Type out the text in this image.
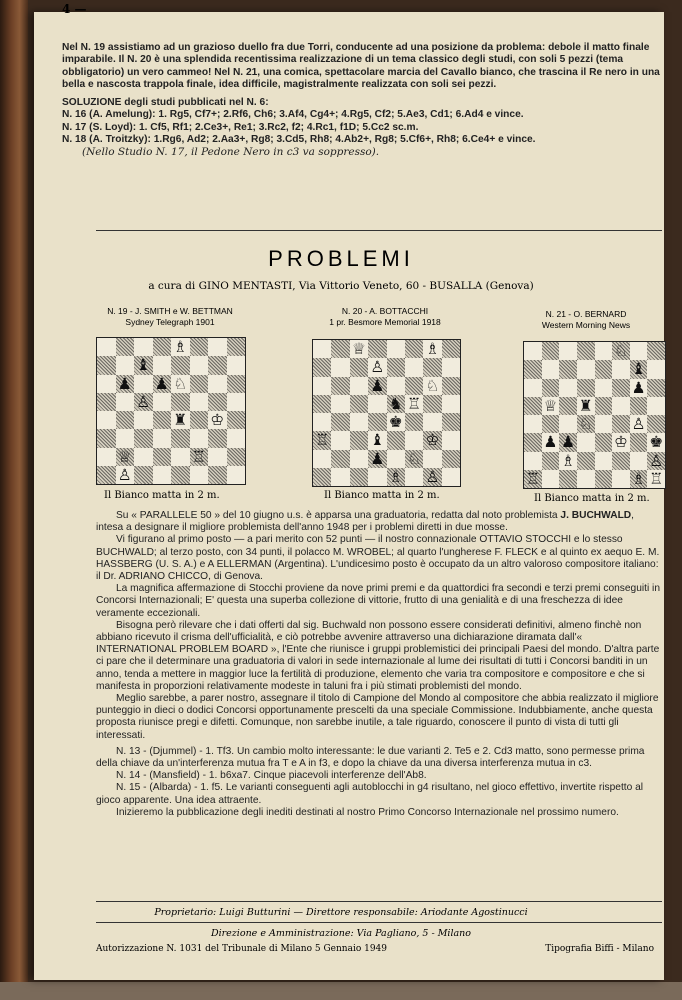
4 —

Nel N. 19 assistiamo ad un grazioso duello fra due Torri, conducente ad una posizione da problema: debole il matto finale imparabile. Il N. 20 è una splendida recentissima realizzazione di un tema classico degli studi, con soli 5 pezzi (tema obbligatorio) un vero cammeo! Nel N. 21, una comica, spettacolare marcia del Cavallo bianco, che trascina il Re nero in una bella e nascosta trappola finale, idea difficile, magistralmente realizzata con soli sei pezzi.

SOLUZIONE degli studi pubblicati nel N. 6:

N. 16 (A. Amelung): 1. Rg5, Cf7+; 2.Rf6, Ch6; 3.Af4, Cg4+; 4.Rg5, Cf2; 5.Ae3, Cd1; 6.Ad4 e vince.

N. 17 (S. Loyd): 1. Cf5, Rf1; 2.Ce3+, Re1; 3.Rc2, f2; 4.Rc1, f1D; 5.Cc2 sc.m.

N. 18 (A. Troitzky): 1.Rg6, Ad2; 2.Aa3+, Rg8; 3.Cd5, Rh8; 4.Ab2+, Rg8; 5.Cf6+, Rh8; 6.Ce4+ e vince.

(Nello Studio N. 17, il Pedone Nero in c3 va soppresso).

PROBLEMI
a cura di GINO MENTASTI, Via Vittorio Veneto, 60 - BUSALLA (Genova)
N. 19 - J. SMITH e W. BETTMAN
Sydney Telegraph 1901
N. 20 - A. BOTTACCHI
1 pr. Besmore Memorial 1918
N. 21 - O. BERNARD
Western Morning News
♗
♝
♟ ♟ ♘
♜ ♔
♙
♕	♖
♙
♕	♗
♙
♟
♞ ♖
♘
♚
♖	♝	♔
♟ ♘
♗ ♙
♘
♝
♟
♕ ♜
♘	♙
♟ ♟	♔ ♚
♗	♙
♖	♗ ♖
Il Bianco matta in 2 m.	Il Bianco matta in 2 m.	Il Bianco matta in 2 m.

Su « PARALLELE 50 » del 10 giugno u.s. è apparsa una graduatoria, redatta dal noto problemista J. BUCHWALD, intesa a designare il migliore problemista dell'anno 1948 per i problemi diretti in due mosse.

Vi figurano al primo posto — a pari merito con 52 punti — il nostro connazionale OTTAVIO STOCCHI e lo stesso BUCHWALD; al terzo posto, con 34 punti, il polacco M. WROBEL; al quarto l'ungherese F. FLECK e al quinto ex aequo E. M. HASSBERG (U. S. A.) e A ELLERMAN (Argentina). L'undicesimo posto è occupato da un altro valoroso compositore italiano: il Dr. ADRIANO CHICCO, di Genova.

La magnifica affermazione di Stocchi proviene da nove primi premi e da quattordici fra secondi e terzi premi conseguiti in Concorsi Internazionali; E' questa una superba collezione di vittorie, frutto di una genialità e di una freschezza di idee veramente eccezionali.

Bisogna però rilevare che i dati offerti dal sig. Buchwald non possono essere considerati definitivi, almeno finchè non abbiano ricevuto il crisma dell'ufficialità, e ciò potrebbe avvenire attraverso una dichiarazione diramata dall'« INTERNATIONAL PROBLEM BOARD », l'Ente che riunisce i gruppi problemistici dei principali Paesi del mondo. D'altra parte ci pare che il determinare una graduatoria di valori in sede internazionale al lume dei risultati di tutti i Concorsi banditi in un anno, tenda a mettere in maggior luce la fertilità di produzione, elemento che varia tra compositore e compositore e che si manifesta in proporzioni relativamente modeste in taluni fra i più stimati problemisti del mondo.

Meglio sarebbe, a parer nostro, assegnare il titolo di Campione del Mondo al compositore che abbia realizzato il migliore punteggio in dieci o dodici Concorsi opportunamente prescelti da una speciale Commissione. Indubbiamente, anche questa proposta riunisce pregi e difetti. Comunque, non sarebbe inutile, a tale riguardo, conoscere il punto di vista di tutti gli interessati.

N. 13 - (Djummel) - 1. Tf3. Un cambio molto interessante: le due varianti 2. Te5 e 2. Cd3 matto, sono permesse prima della chiave da un'interferenza mutua fra T e A in f3, e dopo la chiave da una diversa interferenza mutua in c3.

N. 14 - (Mansfield) - 1. b6xa7. Cinque piacevoli interferenze dell'Ab8.

N. 15 - (Albarda) - 1. f5. Le varianti conseguenti agli autoblocchi in g4 risultano, nel gioco effettivo, invertite rispetto al gioco apparente. Una idea attraente.

Inizieremo la pubblicazione degli inediti destinati al nostro Primo Concorso Internazionale nel prossimo numero.

Proprietario: Luigi Butturini — Direttore responsabile: Ariodante Agostinucci
Direzione e Amministrazione: Via Pagliano, 5 - Milano
Autorizzazione N. 1031 del Tribunale di Milano 5 Gennaio 1949	Tipografia Biffi - Milano
